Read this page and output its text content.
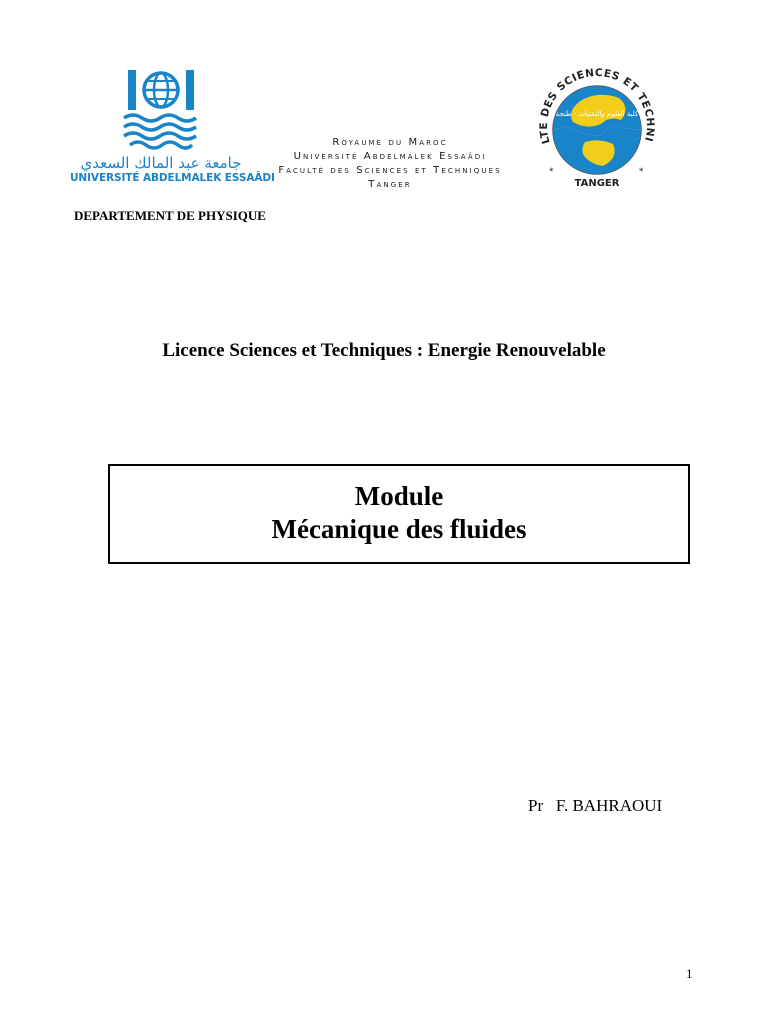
جامعة عبد المالك السعدي
UNIVERSITÉ ABDELMALEK ESSAÂDI
Royaume du Maroc
Université Abdelmalek Essaâdi
Faculté des Sciences et Techniques
Tanger
كلية العلوم والتقنيات - طنجة
LTE DES SCIENCES ET TECHNI
TANGER
*	*
DEPARTEMENT DE PHYSIQUE
Licence Sciences et Techniques : Energie Renouvelable
Module
Mécanique des fluides
Pr F. BAHRAOUI
1
